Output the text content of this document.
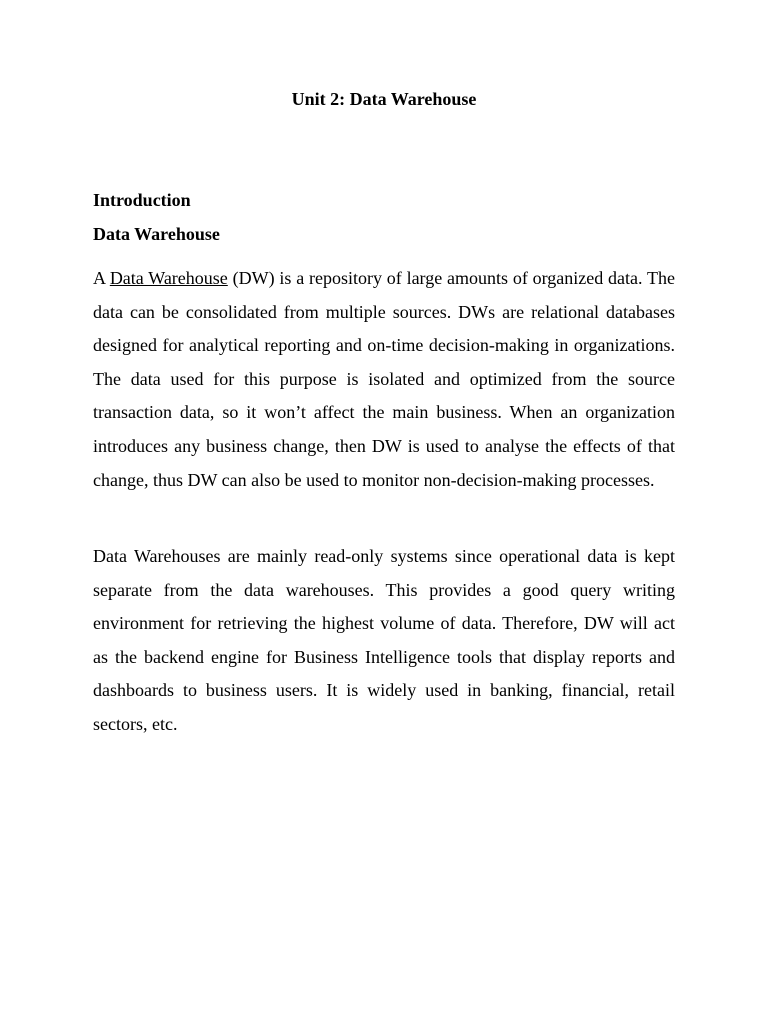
Unit 2: Data Warehouse
Introduction
Data Warehouse

A Data Warehouse (DW) is a repository of large amounts of organized data. The data can be consolidated from multiple sources. DWs are relational databases designed for analytical reporting and on-time decision-making in organizations. The data used for this purpose is isolated and optimized from the source transaction data, so it won’t affect the main business. When an organization introduces any business change, then DW is used to analyse the effects of that change, thus DW can also be used to monitor non-decision-making processes.

Data Warehouses are mainly read-only systems since operational data is kept separate from the data warehouses. This provides a good query writing environment for retrieving the highest volume of data. Therefore, DW will act as the backend engine for Business Intelligence tools that display reports and dashboards to business users. It is widely used in banking, financial, retail sectors, etc.
